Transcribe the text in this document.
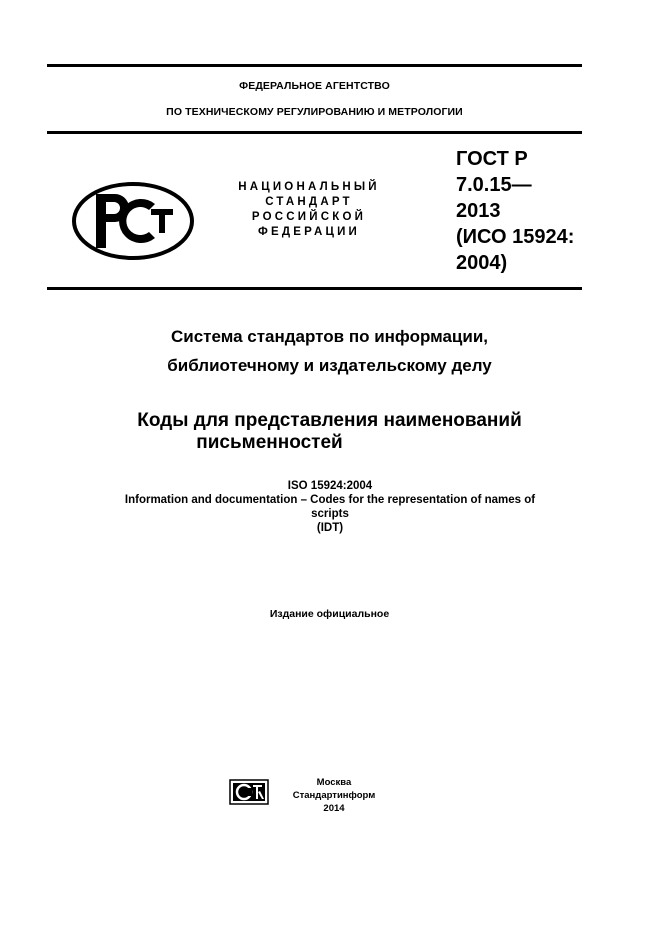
ФЕДЕРАЛЬНОЕ АГЕНТСТВО
ПО ТЕХНИЧЕСКОМУ РЕГУЛИРОВАНИЮ И МЕТРОЛОГИИ
НАЦИОНАЛЬНЫЙ
СТАНДАРТ
РОССИЙСКОЙ
ФЕДЕРАЦИИ
ГОСТ Р
7.0.15—
2013
(ИСО 15924:
2004)
Система стандартов по информации,
библиотечному и издательскому делу
Коды для представления наименований
письменностей
ISO 15924:2004
Information and documentation – Codes for the representation of names of
scripts
(IDT)
Издание официальное
Москва
Стандартинформ
2014
